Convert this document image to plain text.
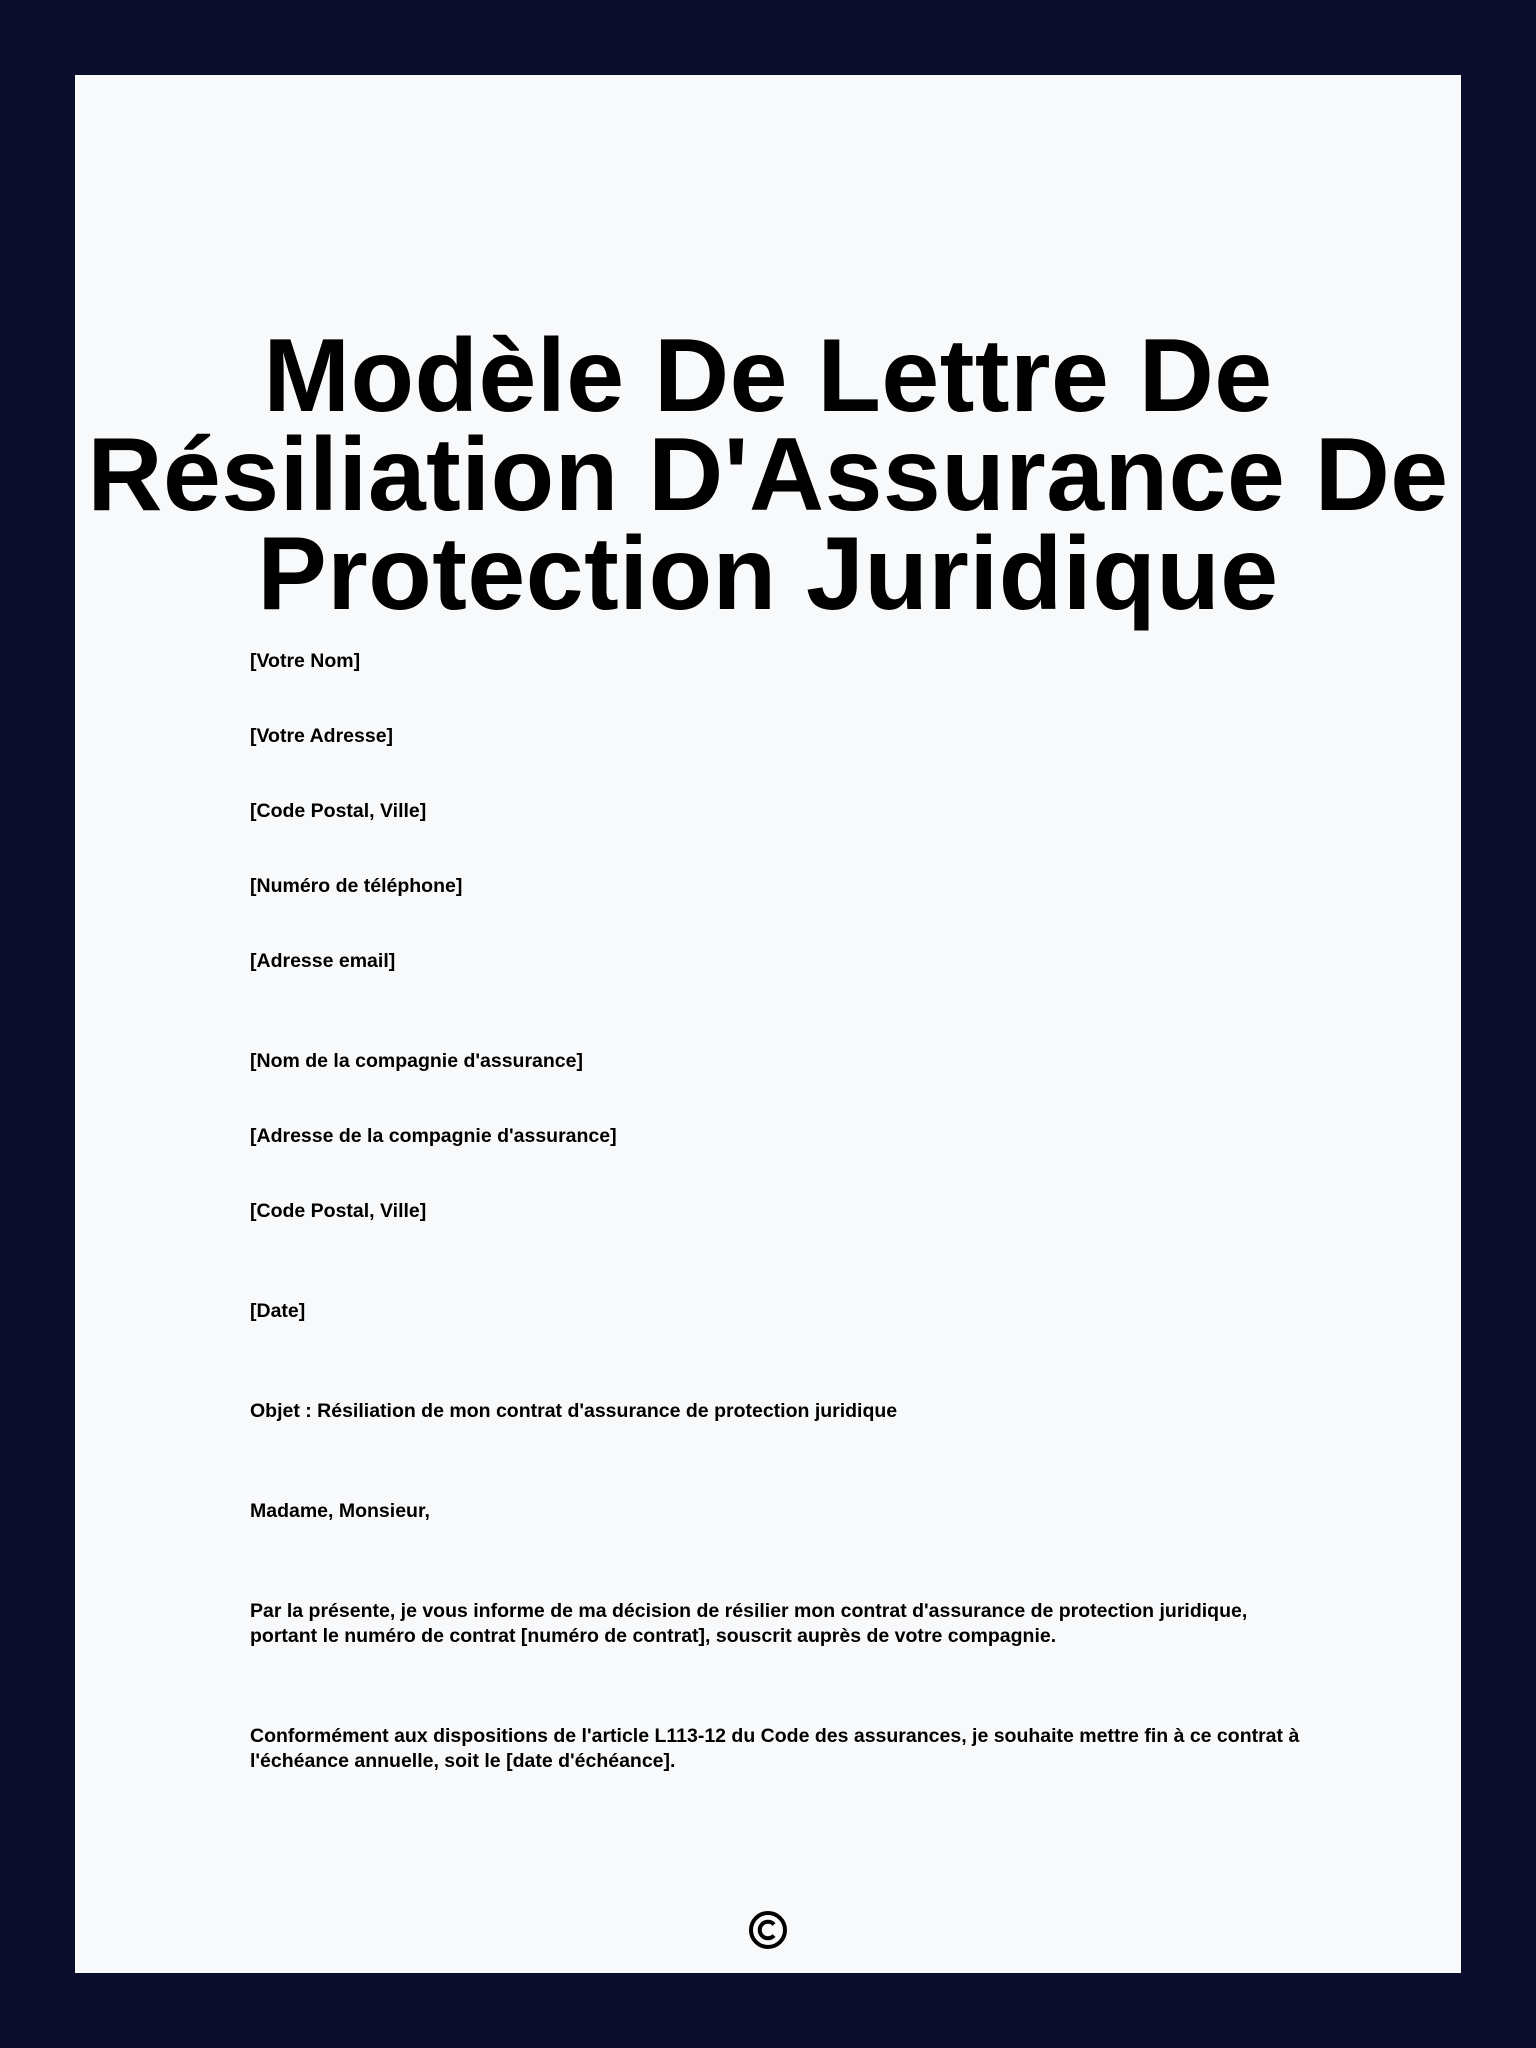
Modèle De Lettre De Résiliation D'Assurance De Protection Juridique

[Votre Nom]

[Votre Adresse]

[Code Postal, Ville]

[Numéro de téléphone]

[Adresse email]

[Nom de la compagnie d'assurance]

[Adresse de la compagnie d'assurance]

[Code Postal, Ville]

[Date]

Objet : Résiliation de mon contrat d'assurance de protection juridique

Madame, Monsieur,

Par la présente, je vous informe de ma décision de résilier mon contrat d'assurance de protection juridique, portant le numéro de contrat [numéro de contrat], souscrit auprès de votre compagnie.

Conformément aux dispositions de l'article L113-12 du Code des assurances, je souhaite mettre fin à ce contrat à l'échéance annuelle, soit le [date d'échéance].
